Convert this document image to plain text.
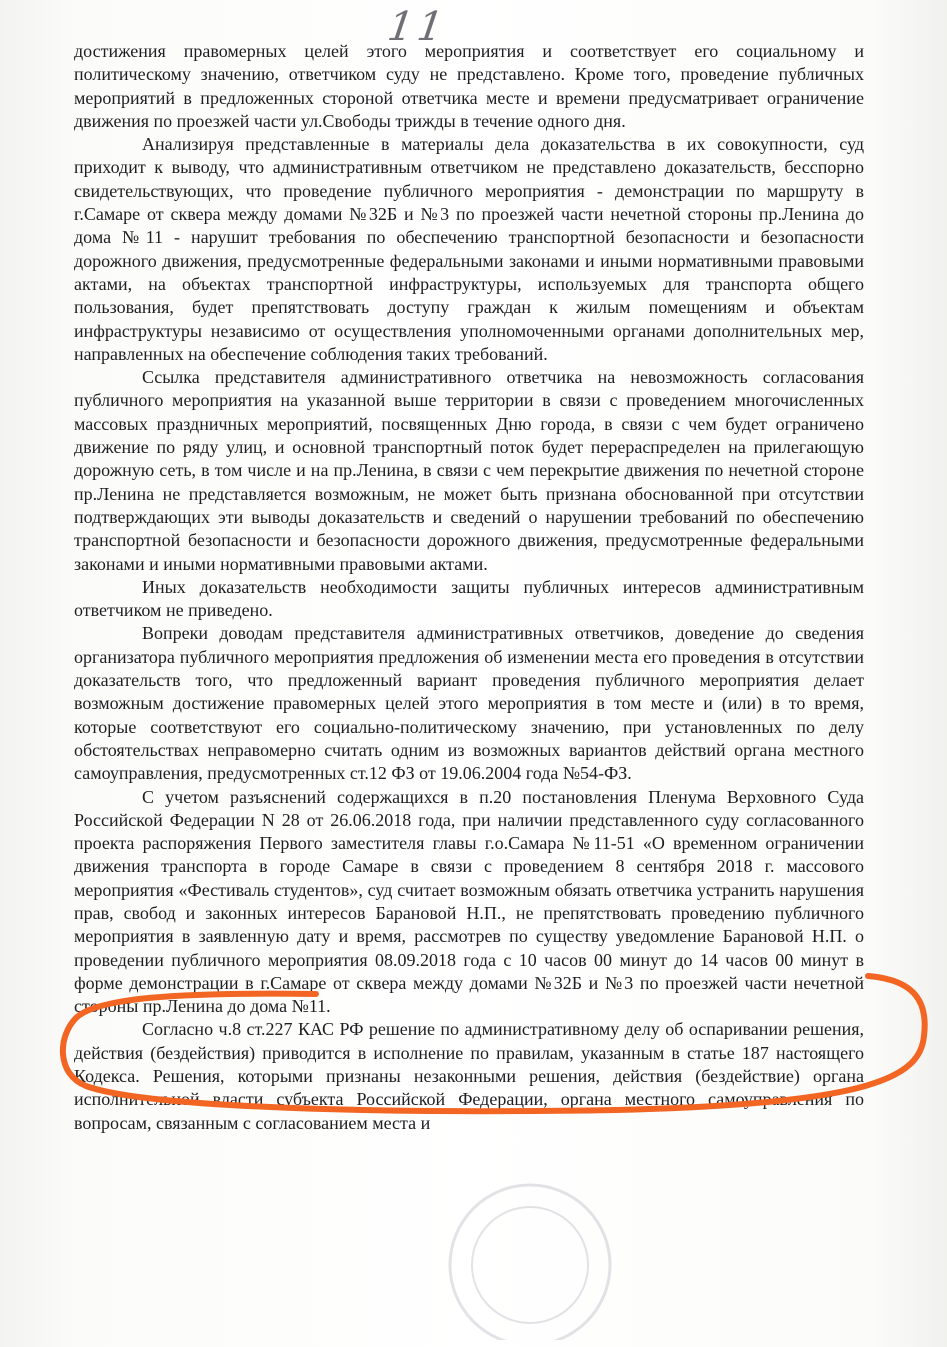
11

достижения правомерных целей этого мероприятия и соответствует его социальному и политическому значению, ответчиком суду не представлено. Кроме того, проведение публичных мероприятий в предложенных стороной ответчика месте и времени предусматривает ограничение движения по проезжей части ул.Свободы трижды в течение одного дня.

Анализируя представленные в материалы дела доказательства в их совокупности, суд приходит к выводу, что административным ответчиком не представлено доказательств, бесспорно свидетельствующих, что проведение публичного мероприятия - демонстрации по маршруту в г.Самаре от сквера между домами №32Б и №3 по проезжей части нечетной стороны пр.Ленина до дома №11 - нарушит требования по обеспечению транспортной безопасности и безопасности дорожного движения, предусмотренные федеральными законами и иными нормативными правовыми актами, на объектах транспортной инфраструктуры, используемых для транспорта общего пользования, будет препятствовать доступу граждан к жилым помещениям и объектам инфраструктуры независимо от осуществления уполномоченными органами дополнительных мер, направленных на обеспечение соблюдения таких требований.

Ссылка представителя административного ответчика на невозможность согласования публичного мероприятия на указанной выше территории в связи с проведением многочисленных массовых праздничных мероприятий, посвященных Дню города, в связи с чем будет ограничено движение по ряду улиц, и основной транспортный поток будет перераспределен на прилегающую дорожную сеть, в том числе и на пр.Ленина, в связи с чем перекрытие движения по нечетной стороне пр.Ленина не представляется возможным, не может быть признана обоснованной при отсутствии подтверждающих эти выводы доказательств и сведений о нарушении требований по обеспечению транспортной безопасности и безопасности дорожного движения, предусмотренные федеральными законами и иными нормативными правовыми актами.

Иных доказательств необходимости защиты публичных интересов административным ответчиком не приведено.

Вопреки доводам представителя административных ответчиков, доведение до сведения организатора публичного мероприятия предложения об изменении места его проведения в отсутствии доказательств того, что предложенный вариант проведения публичного мероприятия делает возможным достижение правомерных целей этого мероприятия в том месте и (или) в то время, которые соответствуют его социально-политическому значению, при установленных по делу обстоятельствах неправомерно считать одним из возможных вариантов действий органа местного самоуправления, предусмотренных ст.12 ФЗ от 19.06.2004 года №54-ФЗ.

С учетом разъяснений содержащихся в п.20 постановления Пленума Верховного Суда Российской Федерации N 28 от 26.06.2018 года, при наличии представленного суду согласованного проекта распоряжения Первого заместителя главы г.о.Самара №11-51 «О временном ограничении движения транспорта в городе Самаре в связи с проведением 8 сентября 2018 г. массового мероприятия «Фестиваль студентов», суд считает возможным обязать ответчика устранить нарушения прав, свобод и законных интересов Барановой Н.П., не препятствовать проведению публичного мероприятия в заявленную дату и время, рассмотрев по существу уведомление Барановой Н.П. о проведении публичного мероприятия 08.09.2018 года с 10 часов 00 минут до 14 часов 00 минут в форме демонстрации в г.Самаре от сквера между домами №32Б и №3 по проезжей части нечетной стороны пр.Ленина до дома №11.

Согласно ч.8 ст.227 КАС РФ решение по административному делу об оспаривании решения, действия (бездействия) приводится в исполнение по правилам, указанным в статье 187 настоящего Кодекса. Решения, которыми признаны незаконными решения, действия (бездействие) органа исполнительной власти субъекта Российской Федерации, органа местного самоуправления по вопросам, связанным с согласованием места и
